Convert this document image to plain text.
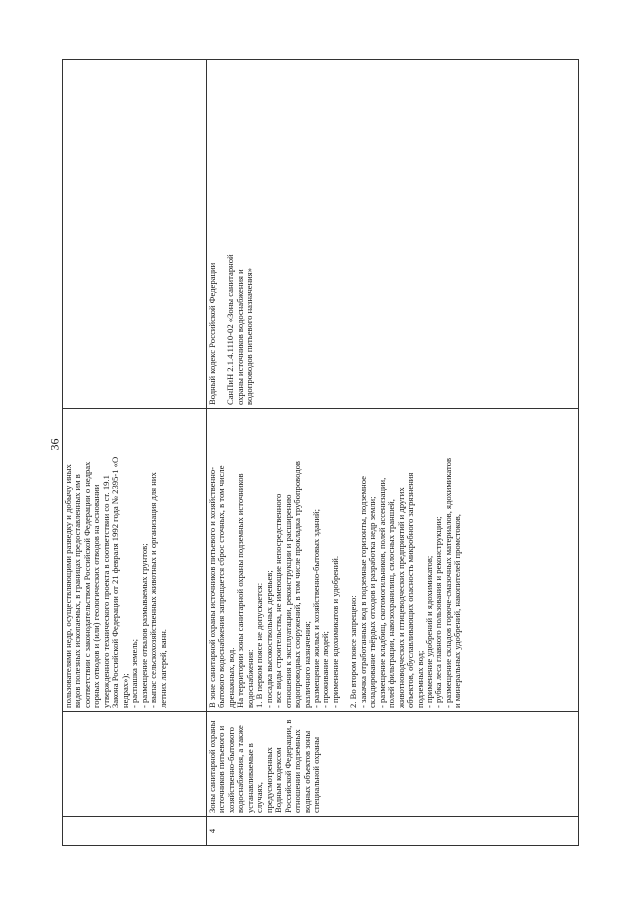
36
пользователями недр, осуществляющими разведку и добычу иных видов полезных ископаемых, в границах предоставленных им в соответствии с законодательством Российской Федерации о недрах горных отводов и (или) геологических отводов на основании утвержденного технического проекта в соответствии со ст. 19.1 Закона Российской Федерации от 21 февраля 1992 года № 2395-1 «О недрах»); - распашка земель; - размещение отвалов размываемых грунтов; - выпас сельскохозяйственных животных и организация для них летних лагерей, ванн.
4
Зоны санитарной охраны источников питьевого и хозяйственно-бытового водоснабжения, а также устанавливаемые в случаях, предусмотренных Водным кодексом Российской Федерации, в отношении подземных водных объектов зоны специальной охраны
В зоне санитарной охраны источников питьевого и хозяйственно- бытового водоснабжения запрещается сброс сточных, в том числе дренажных, вод. На территории зоны санитарной охраны подземных источников водоснабжения: 1. В первом поясе не допускается: - посадка высокоствольных деревьев; - все виды строительства, не имеющие непосредственного отношения к эксплуатации, реконструкции и расширению водопроводных сооружений, в том числе прокладка трубопроводов различного назначения; - размещение жилых и хозяйственно-бытовых зданий; - проживание людей; - применение ядохимикатов и удобрений. 2. Во втором поясе запрещено: - закачка отработанных вод в подземные горизонты, подземное складирование твёрдых отходов и разработка недр земли; - размещение кладбищ, скотомогильников, полей ассенизации, полей фильтрации, навозохранилищ, силосных траншей, животноводческих и птицеводческих предприятий и других объектов, обуславливающих опасность микробного загрязнения подземных вод; - применение удобрений и ядохимикатов; - рубка леса главного пользования и реконструкции; - размещение складов горюче-смазочных материалов, ядохимикатов и минеральных удобрений, накопителей промстоков,
Водный кодекс Российской Федерации СанПиН 2.1.4.1110-02 «Зоны санитарной охраны источников водоснабжения и водопроводов питьевого назначения»
